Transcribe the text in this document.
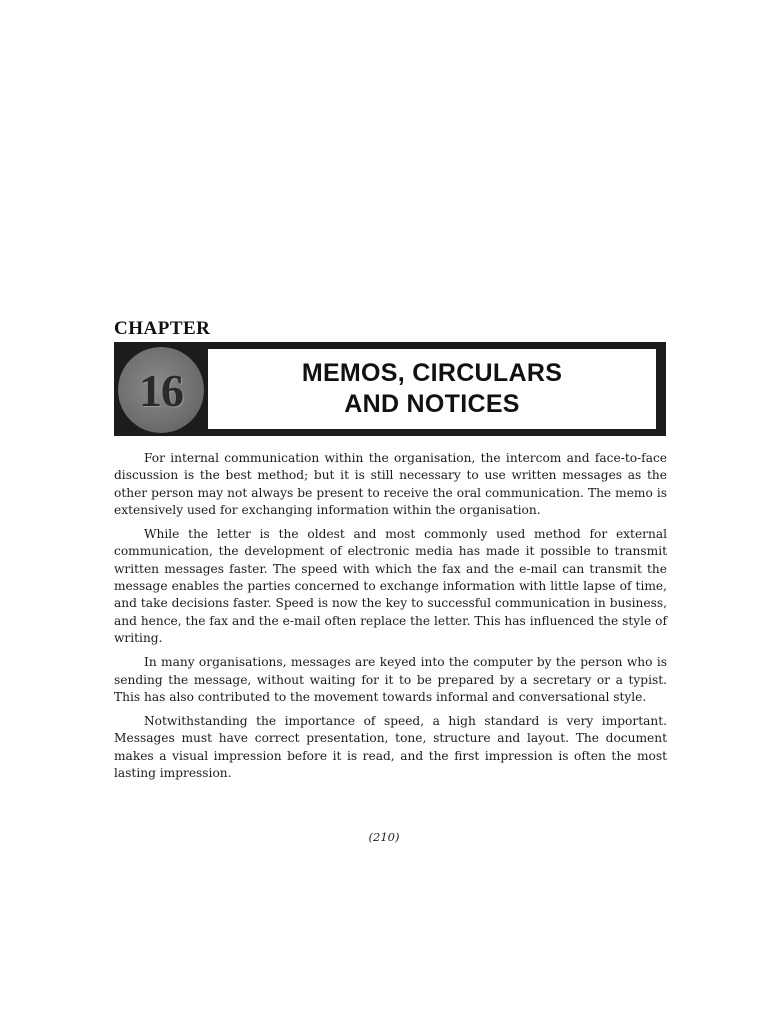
CHAPTER
16	MEMOS, CIRCULARS
AND NOTICES

For internal communication within the organisation, the intercom and face-to-face discussion is the best method; but it is still necessary to use written messages as the other person may not always be present to receive the oral communication. The memo is extensively used for exchanging information within the organisation.

While the letter is the oldest and most commonly used method for external communication, the development of electronic media has made it possible to transmit written messages faster. The speed with which the fax and the e-mail can transmit the message enables the parties concerned to exchange information with little lapse of time, and take decisions faster. Speed is now the key to successful communication in business, and hence, the fax and the e-mail often replace the letter. This has influenced the style of writing.

In many organisations, messages are keyed into the computer by the person who is sending the message, without waiting for it to be prepared by a secretary or a typist. This has also contributed to the movement towards informal and conversational style.

Notwithstanding the importance of speed, a high standard is very important. Messages must have correct presentation, tone, structure and layout. The document makes a visual impression before it is read, and the first impression is often the most lasting impression.

(210)
